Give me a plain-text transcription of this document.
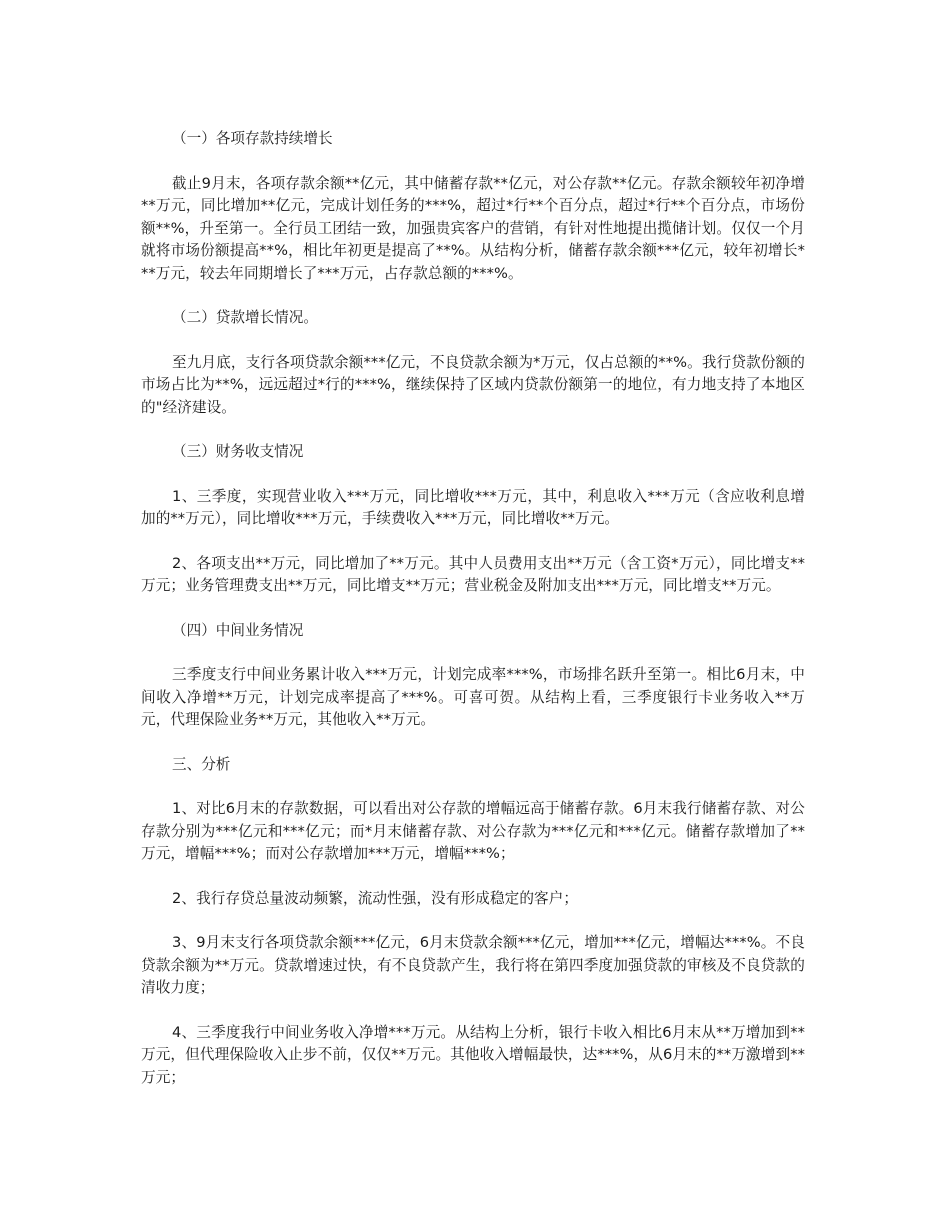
（一）各项存款持续增长

截止9月末，各项存款余额**亿元，其中储蓄存款**亿元，对公存款**亿元。存款余额较年初净增**万元，同比增加**亿元，完成计划任务的***%，超过*行**个百分点，超过*行**个百分点，市场份额**%，升至第一。全行员工团结一致，加强贵宾客户的营销，有针对性地提出揽储计划。仅仅一个月就将市场份额提高**%，相比年初更是提高了**%。从结构分析，储蓄存款余额***亿元，较年初增长***万元，较去年同期增长了***万元，占存款总额的***%。

（二）贷款增长情况。

至九月底，支行各项贷款余额***亿元，不良贷款余额为*万元，仅占总额的**%。我行贷款份额的市场占比为**%，远远超过*行的***%，继续保持了区域内贷款份额第一的地位，有力地支持了本地区的"经济建设。

（三）财务收支情况

1、三季度，实现营业收入***万元，同比增收***万元，其中，利息收入***万元（含应收利息增加的**万元），同比增收***万元，手续费收入***万元，同比增收**万元。

2、各项支出**万元，同比增加了**万元。其中人员费用支出**万元（含工资*万元），同比增支**万元；业务管理费支出**万元，同比增支**万元；营业税金及附加支出***万元，同比增支**万元。

（四）中间业务情况

三季度支行中间业务累计收入***万元，计划完成率***%，市场排名跃升至第一。相比6月末，中间收入净增**万元，计划完成率提高了***%。可喜可贺。从结构上看，三季度银行卡业务收入**万元，代理保险业务**万元，其他收入**万元。

三、分析

1、对比6月末的存款数据，可以看出对公存款的增幅远高于储蓄存款。6月末我行储蓄存款、对公存款分别为***亿元和***亿元；而*月末储蓄存款、对公存款为***亿元和***亿元。储蓄存款增加了**万元，增幅***%；而对公存款增加***万元，增幅***%；

2、我行存贷总量波动频繁，流动性强，没有形成稳定的客户；

3、9月末支行各项贷款余额***亿元，6月末贷款余额***亿元，增加***亿元，增幅达***%。不良贷款余额为**万元。贷款增速过快，有不良贷款产生，我行将在第四季度加强贷款的审核及不良贷款的清收力度；

4、三季度我行中间业务收入净增***万元。从结构上分析，银行卡收入相比6月末从**万增加到**万元，但代理保险收入止步不前，仅仅**万元。其他收入增幅最快，达***%，从6月末的**万激增到**万元；
